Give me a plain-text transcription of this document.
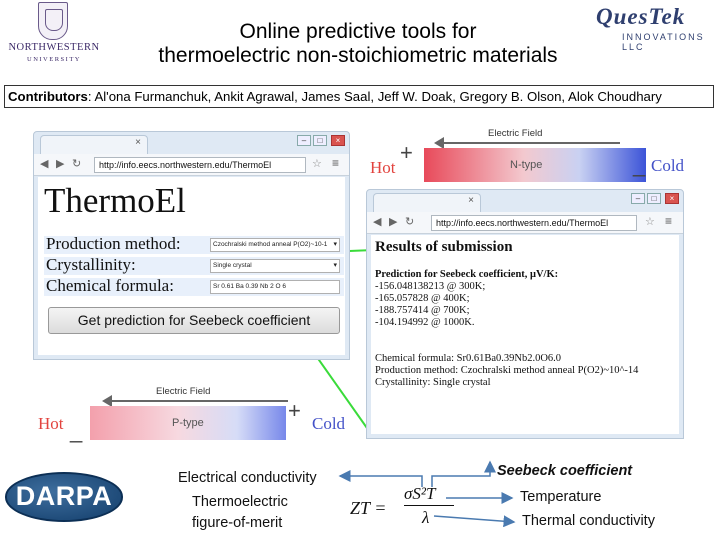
NORTHWESTERN
UNIVERSITY
Online predictive tools for
thermoelectric non-stoichiometric materials
QuesTek
INNOVATIONS LLC
Contributors: Al'ona Furmanchuk, Ankit Agrawal, James Saal, Jeff W. Doak, Gregory B. Olson, Alok Choudhary
×	–	□	×
◀ ▶ ↻	http://info.eecs.northwestern.edu/ThermoEl	☆ ≡
ThermoEl
Production method:	Czochralski method anneal P(O2)~10-1 ▾
Crystallinity:	Single crystal	▾
Chemical formula:	Sr 0.61 Ba 0.39 Nb 2 O 6
Get prediction for Seebeck coefficient
×	–	□	×
◀ ▶ ↻	http://info.eecs.northwestern.edu/ThermoEl	☆ ≡
Results of submission
Prediction for Seebeck coefficient, μV/K:
-156.048138213 @ 300K;
-165.057828 @ 400K;
-188.757414 @ 700K;
-104.194992 @ 1000K.
Chemical formula: Sr0.61Ba0.39Nb2.0O6.0
Production method: Czochralski method anneal P(O2)~10^-14
Crystallinity: Single crystal
Electric Field
N-type
+
Hot	_ Cold
Electric Field
P-type
Hot _
+
Cold
DARPA
Electrical conductivity
Thermoelectric
figure-of-merit
Seebeck coefficient
Temperature
Thermal conductivity
ZT =
σS²T
λ
